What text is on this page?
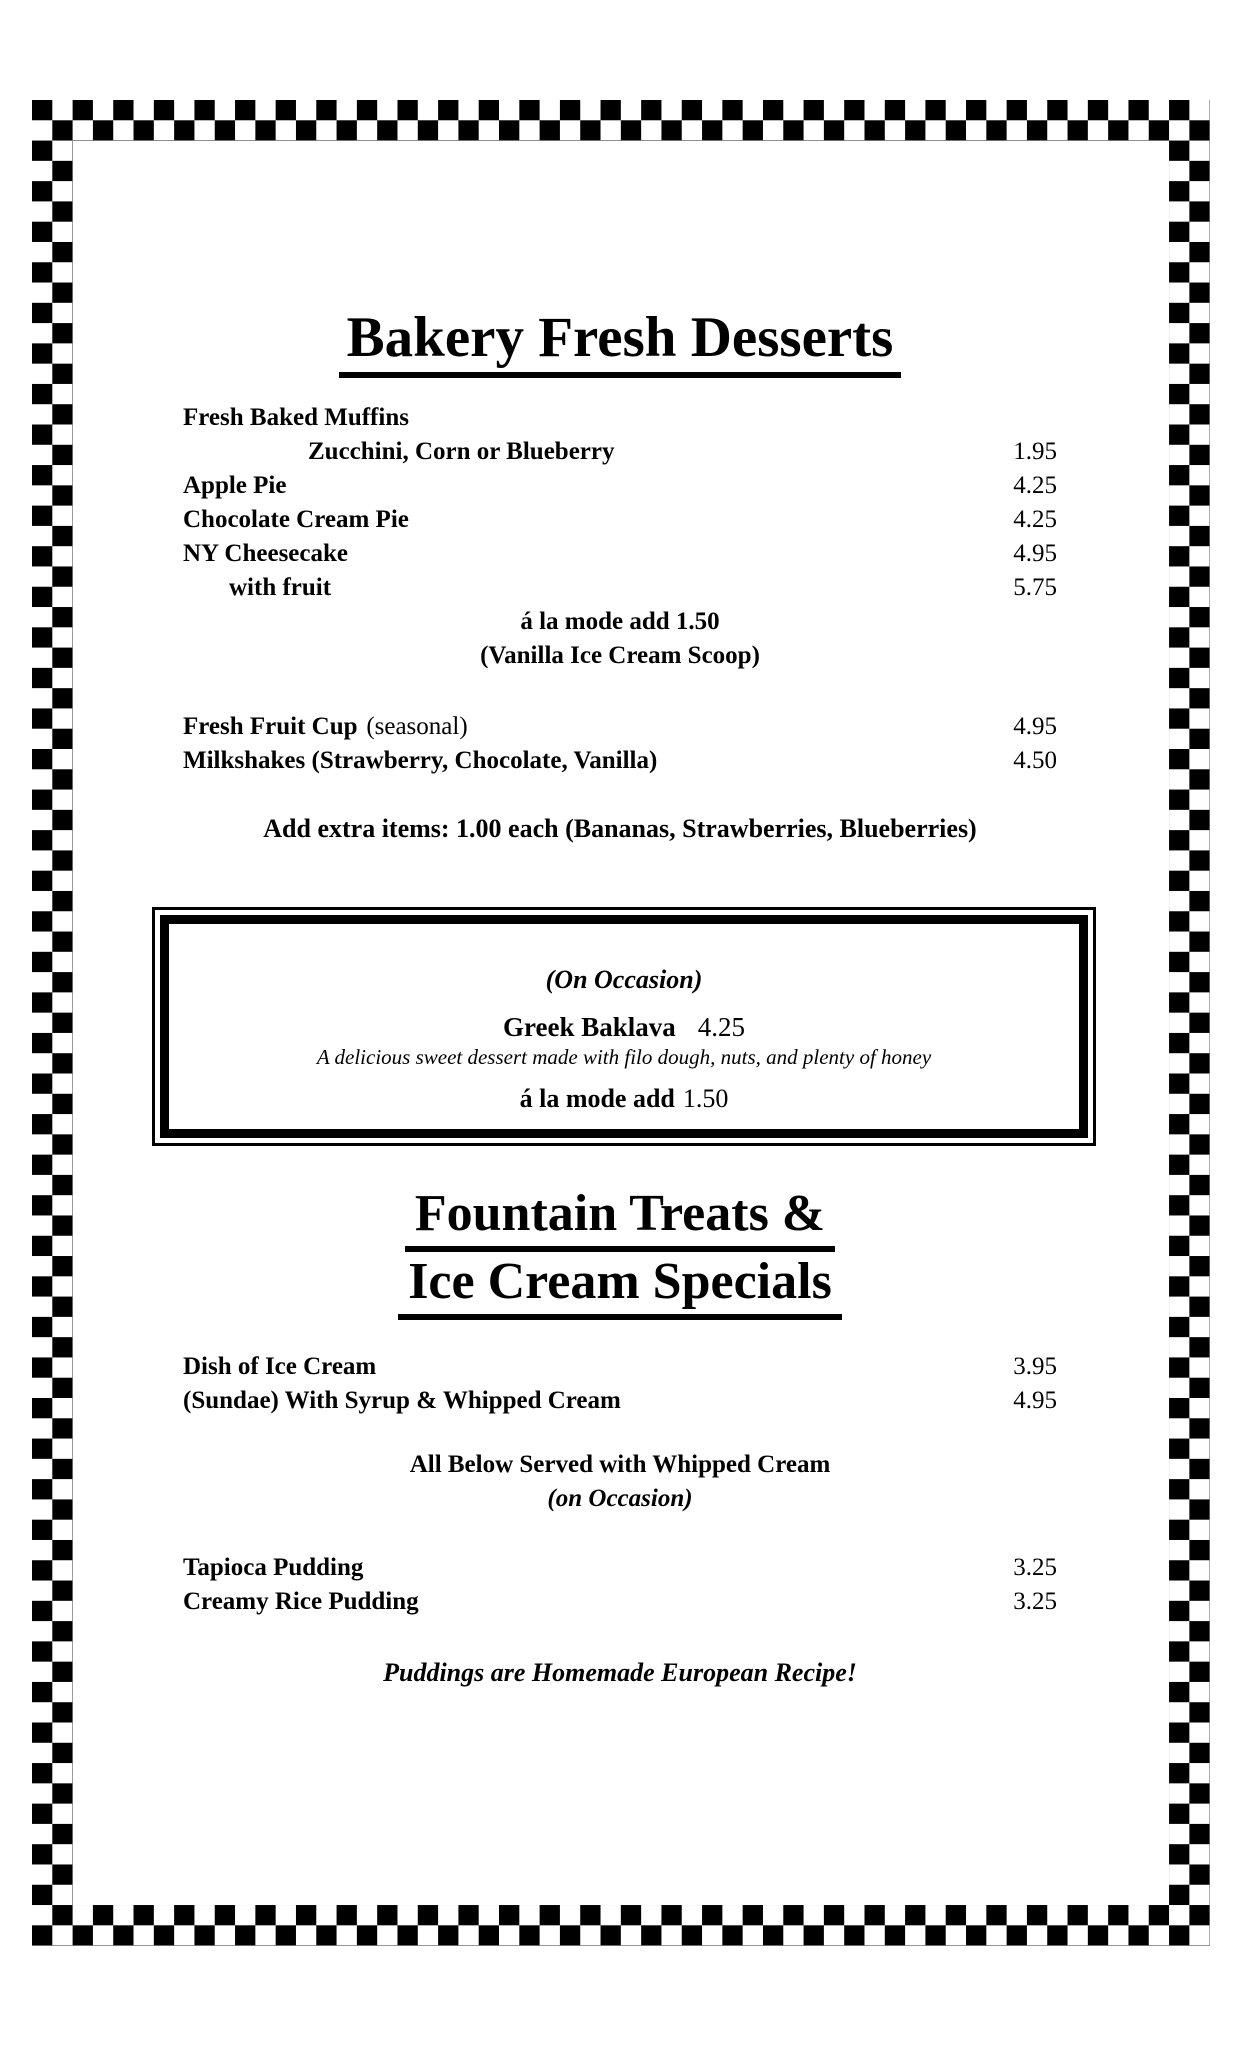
Bakery Fresh Desserts
Fresh Baked Muffins
Zucchini, Corn or Blueberry	1.95
Apple Pie	4.25
Chocolate Cream Pie	4.25
NY Cheesecake	4.95
with fruit	5.75
á la mode add 1.50
(Vanilla Ice Cream Scoop)
Fresh Fruit Cup (seasonal)	4.95
Milkshakes (Strawberry, Chocolate, Vanilla)	4.50
Add extra items: 1.00 each (Bananas, Strawberries, Blueberries)
(On Occasion)
Greek Baklava 4.25
A delicious sweet dessert made with filo dough, nuts, and plenty of honey
á la mode add 1.50
Fountain Treats &
Ice Cream Specials
Dish of Ice Cream	3.95
(Sundae) With Syrup & Whipped Cream	4.95
All Below Served with Whipped Cream
(on Occasion)
Tapioca Pudding	3.25
Creamy Rice Pudding	3.25
Puddings are Homemade European Recipe!
